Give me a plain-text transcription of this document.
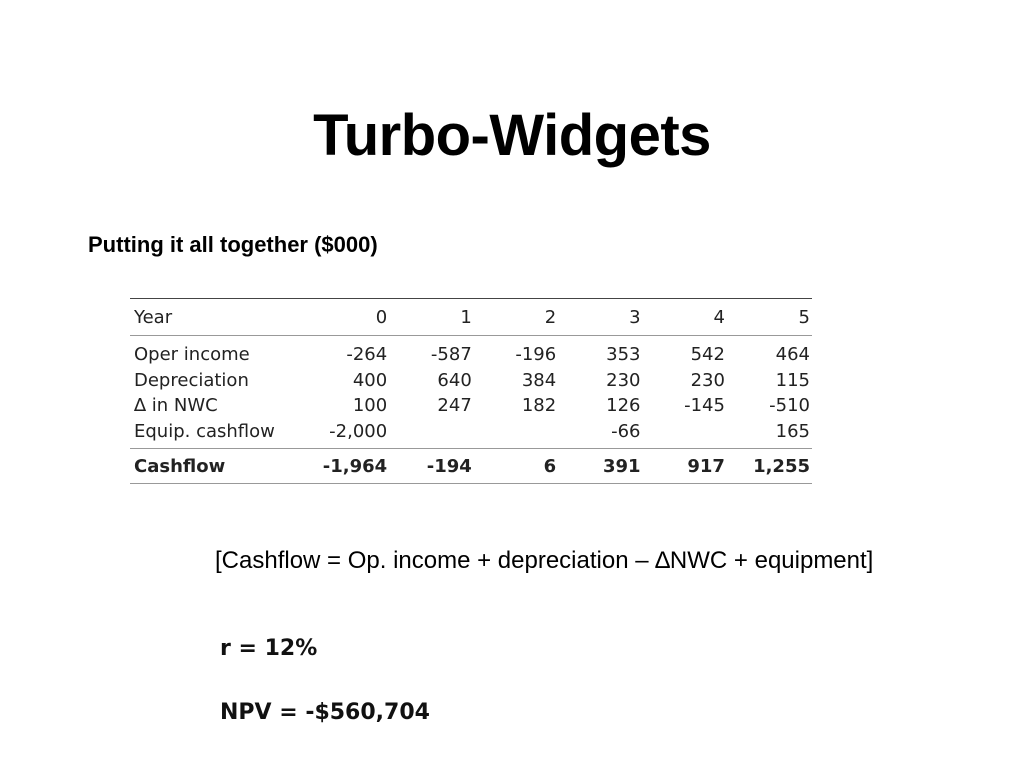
Turbo-Widgets
Putting it all together ($000)
Year	0	1	2	3	4	5
Oper income	-264	-587	-196	353	542	464
Depreciation	400	640	384	230	230	115
∆ in NWC	100	247	182	126	-145	-510
Equip. cashflow	-2,000			-66		165
Cashflow	-1,964	-194	6	391	917	1,255
[Cashflow = Op. income + depreciation – ∆NWC + equipment]
r = 12%
NPV = -$560,704
